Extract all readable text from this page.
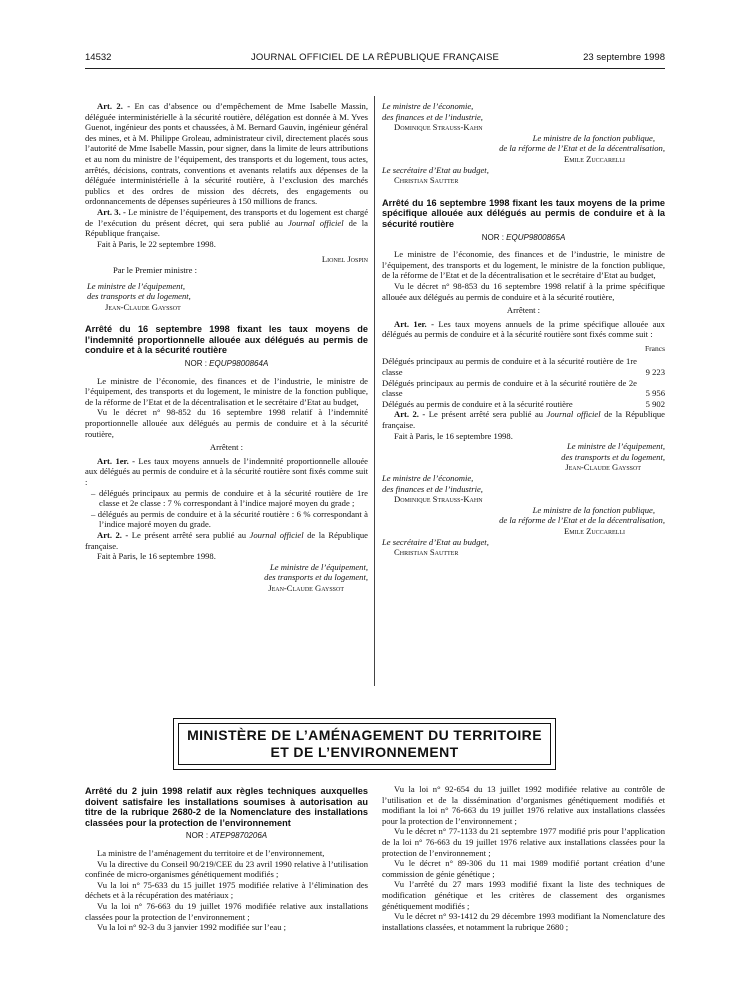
14532	JOURNAL OFFICIEL DE LA RÉPUBLIQUE FRANÇAISE	23 septembre 1998

Art. 2. - En cas d’absence ou d’empêchement de Mme Isabelle Massin, déléguée interministérielle à la sécurité routière, délégation est donnée à M. Yves Guenot, ingénieur des ponts et chaussées, à M. Bernard Gauvin, ingénieur général des mines, et à M. Philippe Groleau, administrateur civil, directement placés sous l’autorité de Mme Isabelle Massin, pour signer, dans la limite de leurs attributions et au nom du ministre de l’équipement, des transports et du logement, tous actes, arrêtés, décisions, contrats, conventions et avenants relatifs aux dépenses de la déléguée interministérielle à la sécurité routière, à l’exclusion des marchés publics et des ordres de mission des décrets, des engagements ou ordonnancements de dépenses supérieures à 150 millions de francs.

Art. 3. - Le ministre de l’équipement, des transports et du logement est chargé de l’exécution du présent décret, qui sera publié au Journal officiel de la République française.

Fait à Paris, le 22 septembre 1998.

Lionel Jospin

Par le Premier ministre :

Le ministre de l’équipement,

des transports et du logement,

Jean-Claude Gayssot

Arrêté du 16 septembre 1998 fixant les taux moyens de l’indemnité proportionnelle allouée aux délégués au permis de conduire et à la sécurité routière
NOR : EQUP9800864A

Le ministre de l’économie, des finances et de l’industrie, le ministre de l’équipement, des transports et du logement, le ministre de la fonction publique, de la réforme de l’Etat et de la décentralisation et le secrétaire d’Etat au budget,

Vu le décret n° 98-852 du 16 septembre 1998 relatif à l’indemnité proportionnelle allouée aux délégués au permis de conduire et à la sécurité routière,

Arrêtent :

Art. 1er. - Les taux moyens annuels de l’indemnité proportionnelle allouée aux délégués au permis de conduire et à la sécurité routière sont fixés comme suit :

– délégués principaux au permis de conduire et à la sécurité routière de 1re classe et 2e classe : 7 % correspondant à l’indice majoré moyen du grade ;
– délégués au permis de conduire et à la sécurité routière : 6 % correspondant à l’indice majoré moyen du grade.

Art. 2. - Le présent arrêté sera publié au Journal officiel de la République française.

Fait à Paris, le 16 septembre 1998.

Le ministre de l’équipement,

des transports et du logement,

Jean-Claude Gayssot

Le ministre de l’économie,

des finances et de l’industrie,

Dominique Strauss-Kahn

Le ministre de la fonction publique,

de la réforme de l’Etat et de la décentralisation,

Emile Zuccarelli

Le secrétaire d’Etat au budget,

Christian Sautter

Arrêté du 16 septembre 1998 fixant les taux moyens de la prime spécifique allouée aux délégués au permis de conduire et à la sécurité routière
NOR : EQUP9800865A

Le ministre de l’économie, des finances et de l’industrie, le ministre de l’équipement, des transports et du logement, le ministre de la fonction publique, de la réforme de l’Etat et de la décentralisation et le secrétaire d’Etat au budget,

Vu le décret n° 98-853 du 16 septembre 1998 relatif à la prime spécifique allouée aux délégués au permis de conduire et à la sécurité routière,

Arrêtent :

Art. 1er. - Les taux moyens annuels de la prime spécifique allouée aux délégués au permis de conduire et à la sécurité routière sont fixés comme suit :

Francs
Délégués principaux au permis de conduire et à la sécurité routière de 1re classe	9 223
Délégués principaux au permis de conduire et à la sécurité routière de 2e classe	5 956
Délégués au permis de conduire et à la sécurité routière	5 902

Art. 2. - Le présent arrêté sera publié au Journal officiel de la République française.

Fait à Paris, le 16 septembre 1998.

Le ministre de l’équipement,

des transports et du logement,

Jean-Claude Gayssot

Le ministre de l’économie,

des finances et de l’industrie,

Dominique Strauss-Kahn

Le ministre de la fonction publique,

de la réforme de l’Etat et de la décentralisation,

Emile Zuccarelli

Le secrétaire d’Etat au budget,

Christian Sautter

MINISTÈRE DE L’AMÉNAGEMENT DU TERRITOIRE
ET DE L’ENVIRONNEMENT
Arrêté du 2 juin 1998 relatif aux règles techniques auxquelles doivent satisfaire les installations soumises à autorisation au titre de la rubrique 2680-2 de la Nomenclature des installations classées pour la protection de l’environnement
NOR : ATEP9870206A

La ministre de l’aménagement du territoire et de l’environnement,

Vu la directive du Conseil 90/219/CEE du 23 avril 1990 relative à l’utilisation confinée de micro-organismes génétiquement modifiés ;

Vu la loi n° 75-633 du 15 juillet 1975 modifiée relative à l’élimination des déchets et à la récupération des matériaux ;

Vu la loi n° 76-663 du 19 juillet 1976 modifiée relative aux installations classées pour la protection de l’environnement ;

Vu la loi n° 92-3 du 3 janvier 1992 modifiée sur l’eau ;

Vu la loi n° 92-654 du 13 juillet 1992 modifiée relative au contrôle de l’utilisation et de la dissémination d’organismes génétiquement modifiés et modifiant la loi n° 76-663 du 19 juillet 1976 relative aux installations classées pour la protection de l’environnement ;

Vu le décret n° 77-1133 du 21 septembre 1977 modifié pris pour l’application de la loi n° 76-663 du 19 juillet 1976 relative aux installations classées pour la protection de l’environnement ;

Vu le décret n° 89-306 du 11 mai 1989 modifié portant création d’une commission de génie génétique ;

Vu l’arrêté du 27 mars 1993 modifié fixant la liste des techniques de modification génétique et les critères de classement des organismes génétiquement modifiés ;

Vu le décret n° 93-1412 du 29 décembre 1993 modifiant la Nomenclature des installations classées, et notamment la rubrique 2680 ;
